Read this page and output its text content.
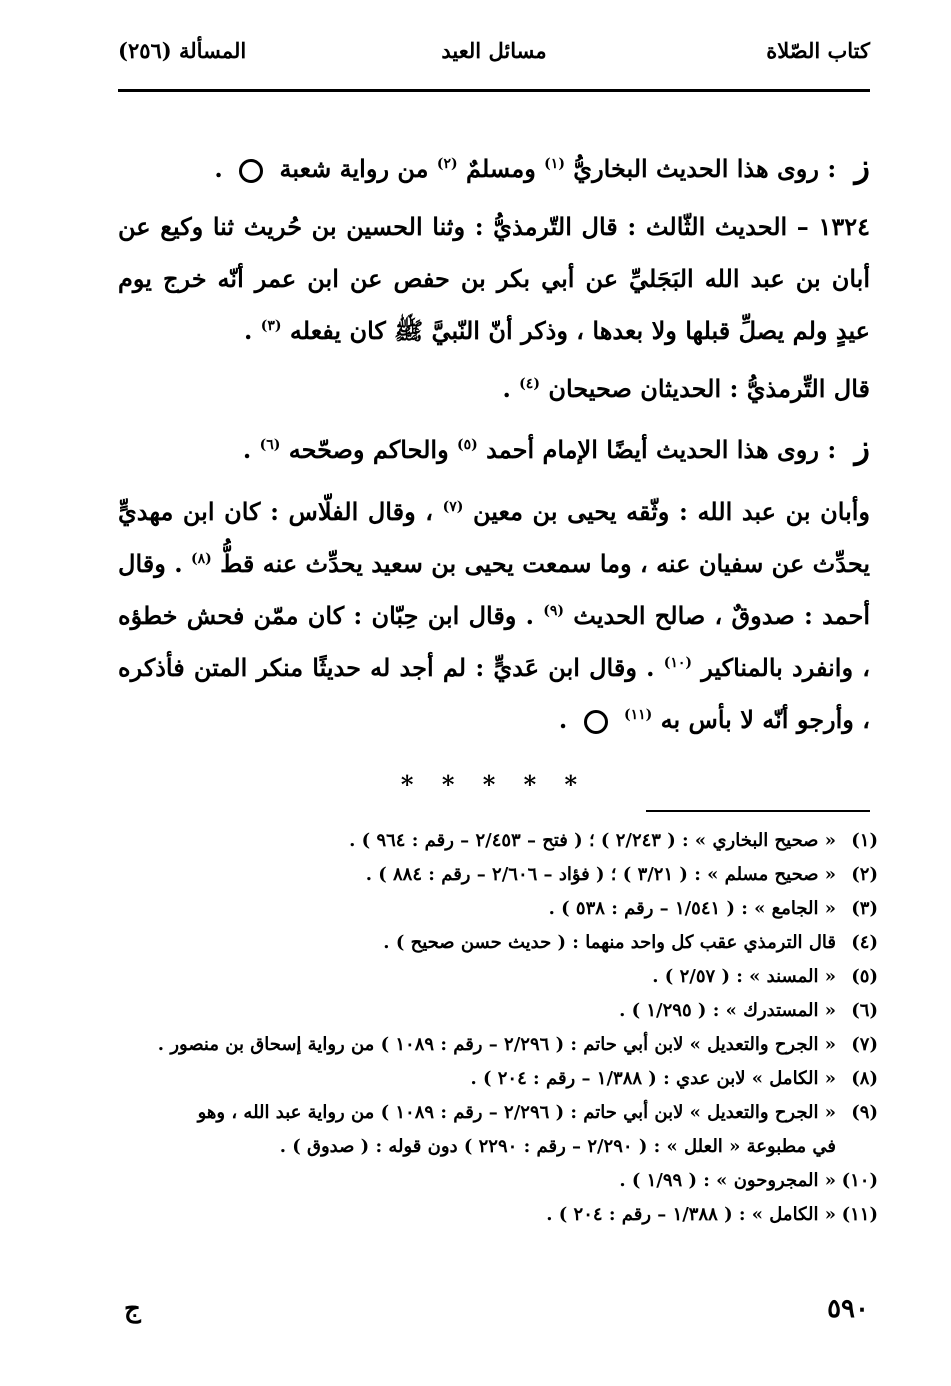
كتاب الصّلاة
مسائل العيد
المسألة (٢٥٦)

ز : روى هذا الحديث البخاريُّ $^{(١)}$ ومسلمٌ $^{(٢)}$ من رواية شعبة  .

١٣٢٤ – الحديث الثّالث : قال التّرمذيُّ : وثنا الحسين بن حُريث ثنا وكيع عن أبان بن عبد الله البَجَليِّ عن أبي بكر بن حفص عن ابن عمر أنّه خرج يوم عيدٍ ولم يصلِّ قبلها ولا بعدها ، وذكر أنّ النّبيَّ ﷺ كان يفعله $^{(٣)}$ .

قال التِّرمذيُّ : الحديثان صحيحان $^{(٤)}$ .

ز : روى هذا الحديث أيضًا الإمام أحمد $^{(٥)}$ والحاكم وصحّحه $^{(٦)}$ .

وأبان بن عبد الله : وثّقه يحيى بن معين $^{(٧)}$ ، وقال الفلّاس : كان ابن مهديٍّ يحدِّث عن سفيان عنه ، وما سمعت يحيى بن سعيد يحدِّث عنه قطُّ $^{(٨)}$ . وقال أحمد : صدوقٌ ، صالح الحديث $^{(٩)}$ . وقال ابن حِبّان : كان ممّن فحش خطؤه ، وانفرد بالمناكير $^{(١٠)}$ . وقال ابن عَديٍّ : لم أجد له حديثًا منكر المتن فأذكره ، وأرجو أنّه لا بأس به $^{(١١)}$  .

* * * * *
(١)
« صحيح البخاري » : ( ٢/٢٤٣ ) ؛ ( فتح – ٢/٤٥٣ – رقم : ٩٦٤ ) .
(٢)
« صحيح مسلم » : ( ٣/٢١ ) ؛ ( فؤاد – ٢/٦٠٦ – رقم : ٨٨٤ ) .
(٣)
« الجامع » : ( ١/٥٤١ – رقم : ٥٣٨ ) .
(٤)
قال الترمذي عقب كل واحد منهما : ( حديث حسن صحيح ) .
(٥)
« المسند » : ( ٢/٥٧ ) .
(٦)
« المستدرك » : ( ١/٢٩٥ ) .
(٧)
« الجرح والتعديل » لابن أبي حاتم : ( ٢/٢٩٦ – رقم : ١٠٨٩ ) من رواية إسحاق بن منصور .
(٨)
« الكامل » لابن عدي : ( ١/٣٨٨ – رقم : ٢٠٤ ) .
(٩)
« الجرح والتعديل » لابن أبي حاتم : ( ٢/٢٩٦ – رقم : ١٠٨٩ ) من رواية عبد الله ، وهو
في مطبوعة « العلل » : ( ٢/٢٩٠ – رقم : ٢٢٩٠ ) دون قوله : ( صدوق ) .
(١٠)
« المجروحون » : ( ١/٩٩ ) .
(١١)
« الكامل » : ( ١/٣٨٨ – رقم : ٢٠٤ ) .
٥٩٠
ج
